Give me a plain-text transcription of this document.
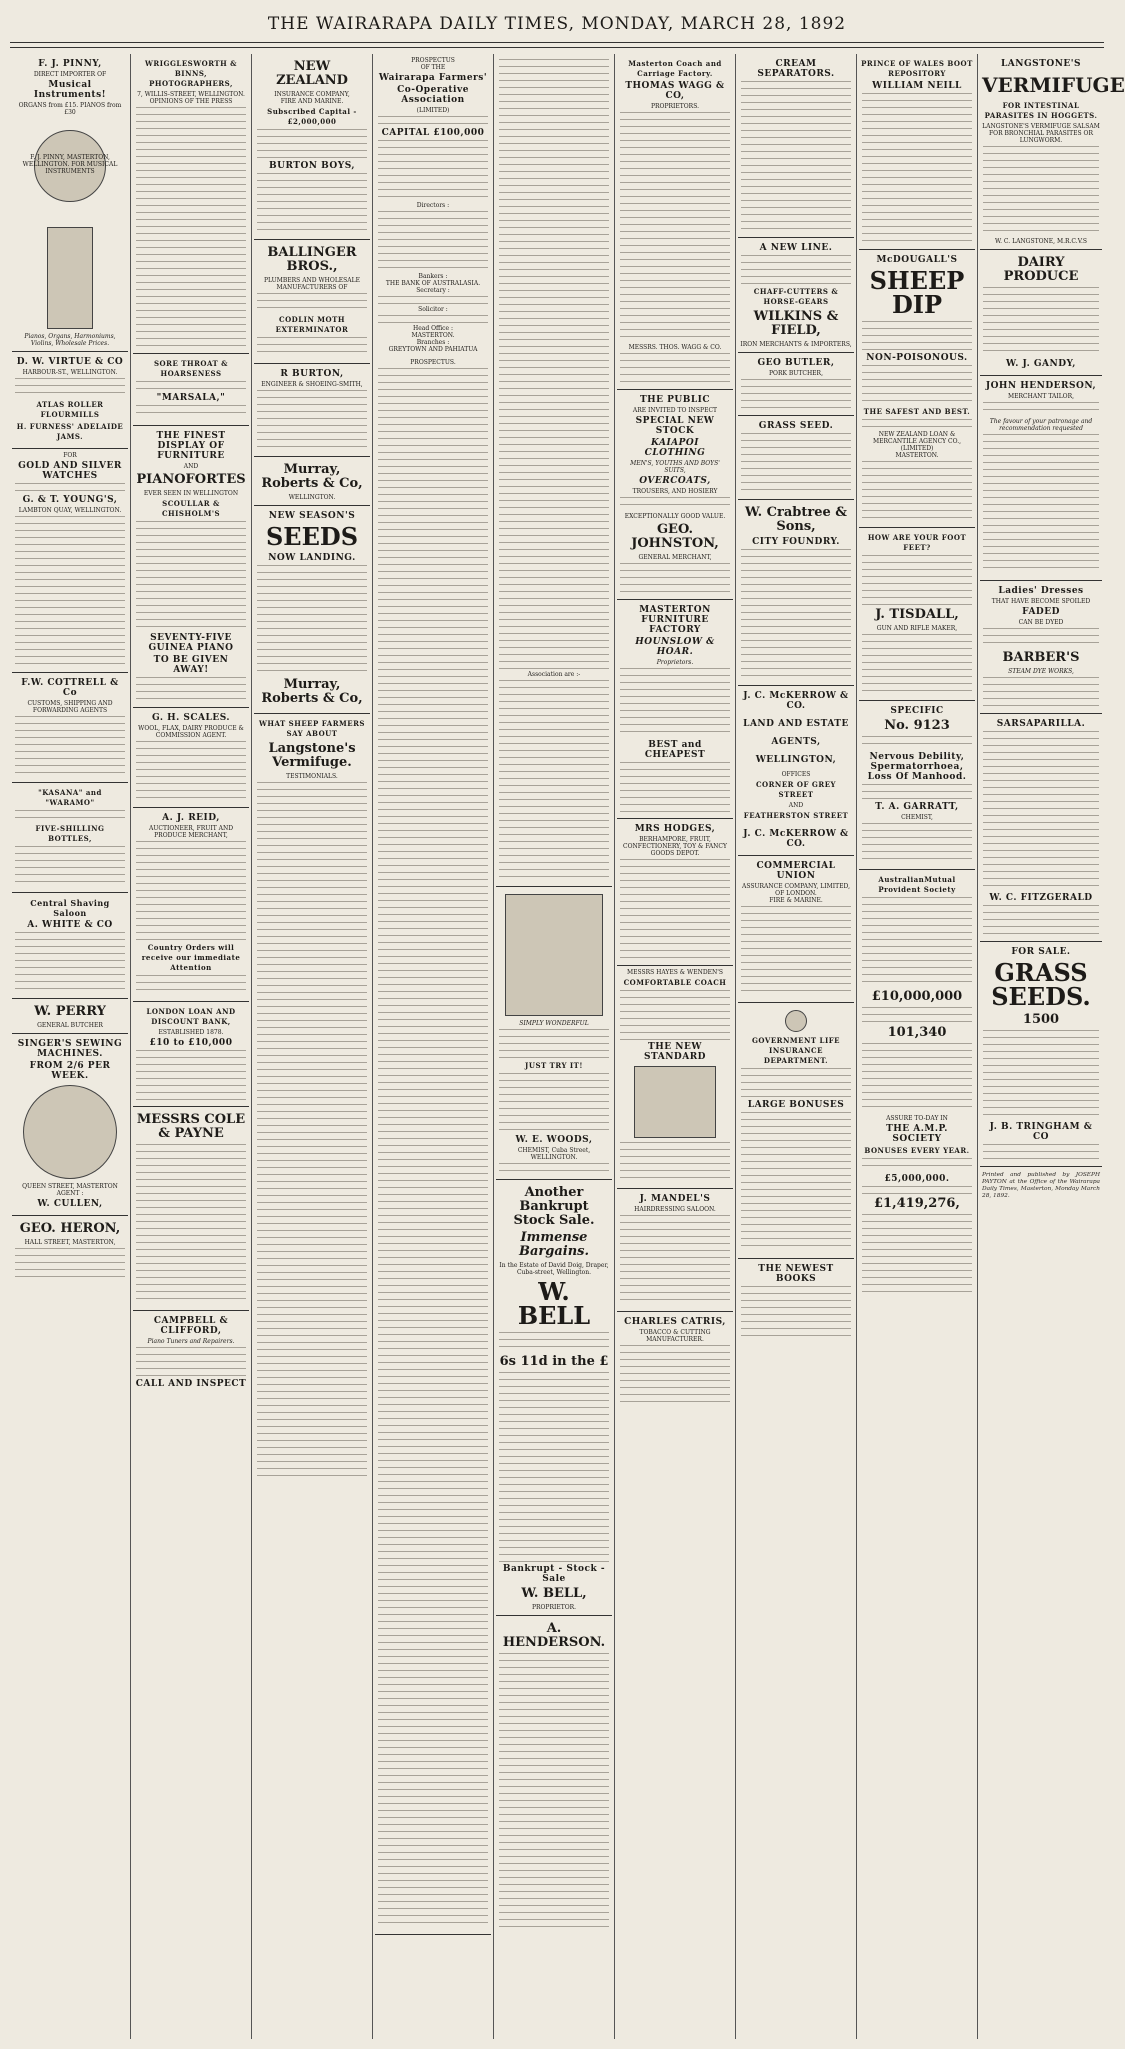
THE WAIRARAPA DAILY TIMES, MONDAY, MARCH 28, 1892
F. J. PINNY,
DIRECT IMPORTER OF
Musical Instruments!
ORGANS from £15. PIANOS from £30
F. J. PINNY, MASTERTON, WELLINGTON. FOR MUSICAL INSTRUMENTS
Pianos, Organs, Harmoniums, Violins, Wholesale Prices.
D. W. VIRTUE & CO
HARBOUR-ST., WELLINGTON.
ATLAS ROLLER FLOURMILLS
H. FURNESS' ADELAIDE JAMS.
FOR
GOLD AND SILVER WATCHES
G. & T. YOUNG'S,
LAMBTON QUAY, WELLINGTON.
F.W. COTTRELL & Co
CUSTOMS, SHIPPING AND FORWARDING AGENTS
"KASANA" and "WARAMO"
FIVE-SHILLING BOTTLES,
Central Shaving Saloon
A. WHITE & CO
W. PERRY
GENERAL BUTCHER
SINGER'S SEWING MACHINES.
FROM 2/6 PER WEEK.
QUEEN STREET, MASTERTON
AGENT :
W. CULLEN,
GEO. HERON,
HALL STREET, MASTERTON,
WRIGGLESWORTH & BINNS, PHOTOGRAPHERS,
7, WILLIS-STREET, WELLINGTON.
OPINIONS OF THE PRESS
SORE THROAT & HOARSENESS
"MARSALA,"
THE FINEST DISPLAY OF FURNITURE
AND
PIANOFORTES
EVER SEEN IN WELLINGTON
SCOULLAR & CHISHOLM'S
SEVENTY-FIVE GUINEA PIANO
TO BE GIVEN AWAY!
G. H. SCALES.
WOOL, FLAX, DAIRY PRODUCE & COMMISSION AGENT.
A. J. REID,
AUCTIONEER, FRUIT AND PRODUCE MERCHANT,
Country Orders will receive our immediate Attention
LONDON LOAN AND DISCOUNT BANK,
ESTABLISHED 1878.
£10 to £10,000
MESSRS COLE & PAYNE
CAMPBELL & CLIFFORD,
Piano Tuners and Repairers.
CALL AND INSPECT
NEW ZEALAND
INSURANCE COMPANY,
FIRE AND MARINE.
Subscribed Capital -£2,000,000
BURTON BOYS,
BALLINGER BROS.,
PLUMBERS AND WHOLESALE MANUFACTURERS OF
CODLIN MOTH EXTERMINATOR
R BURTON,
ENGINEER & SHOEING-SMITH,
Murray, Roberts & Co,
WELLINGTON.
NEW SEASON'S
SEEDS
NOW LANDING.
Murray, Roberts & Co,
WHAT SHEEP FARMERS SAY ABOUT
Langstone's Vermifuge.
TESTIMONIALS.
PROSPECTUS
OF THE
Wairarapa Farmers'
Co-Operative Association
(LIMITED)
CAPITAL £100,000
Directors :
Bankers :
THE BANK OF AUSTRALASIA.
Secretary :
Solicitor :
Head Office :
MASTERTON.
Branches :
GREYTOWN AND PAHIATUA
PROSPECTUS.
Association are :-
SIMPLY WONDERFUL
JUST TRY IT!
W. E. WOODS,
CHEMIST, Cuba Street, WELLINGTON.
Another Bankrupt Stock Sale.
Immense Bargains.
In the Estate of David Doig, Draper, Cuba-street, Wellington.
W. BELL
6s 11d in the £
Bankrupt - Stock - Sale
W. BELL,
PROPRIETOR.
A. HENDERSON.
Masterton Coach and Carriage Factory.
THOMAS WAGG & CO,
PROPRIETORS.
MESSRS. THOS. WAGG & CO.
THE PUBLIC
ARE INVITED TO INSPECT
SPECIAL NEW STOCK
KAIAPOI CLOTHING
MEN'S, YOUTHS AND BOYS' SUITS,
OVERCOATS,
TROUSERS, AND HOSIERY
EXCEPTIONALLY GOOD VALUE.
GEO. JOHNSTON,
GENERAL MERCHANT,
MASTERTON FURNITURE FACTORY
HOUNSLOW & HOAR.
Proprietors.
BEST and CHEAPEST
MRS HODGES,
BERHAMPORE, FRUIT, CONFECTIONERY, TOY & FANCY GOODS DEPOT.
MESSRS HAYES & WENDEN'S
COMFORTABLE COACH
THE NEW STANDARD
J. MANDEL'S
HAIRDRESSING SALOON.
CHARLES CATRIS,
TOBACCO & CUTTING MANUFACTURER.
CREAM SEPARATORS.
A NEW LINE.
CHAFF-CUTTERS & HORSE-GEARS
WILKINS & FIELD,
IRON MERCHANTS & IMPORTERS,
GEO BUTLER,
PORK BUTCHER,
GRASS SEED.
W. Crabtree & Sons,
CITY FOUNDRY.
J. C. McKERROW & CO.
LAND AND ESTATE
AGENTS,
WELLINGTON,
OFFICES
CORNER OF GREY STREET
AND
FEATHERSTON STREET
J. C. McKERROW & CO.
COMMERCIAL UNION
ASSURANCE COMPANY, LIMITED, OF LONDON.
FIRE & MARINE.
GOVERNMENT LIFE INSURANCE DEPARTMENT.
LARGE BONUSES
THE NEWEST BOOKS
PRINCE OF WALES BOOT REPOSITORY
WILLIAM NEILL
McDOUGALL'S
SHEEP DIP
NON-POISONOUS.
THE SAFEST AND BEST.
NEW ZEALAND LOAN & MERCANTILE AGENCY CO., (LIMITED)
MASTERTON.
HOW ARE YOUR FOOT FEET?
J. TISDALL,
GUN AND RIFLE MAKER,
SPECIFIC
No. 9123
Nervous Debility, Spermatorrhoea, Loss Of Manhood.
T. A. GARRATT,
CHEMIST,
AustralianMutual Provident Society
£10,000,000
101,340
ASSURE TO-DAY IN
THE A.M.P. SOCIETY
BONUSES EVERY YEAR.
£5,000,000.
£1,419,276,
LANGSTONE'S
VERMIFUGE
FOR INTESTINAL PARASITES IN HOGGETS.
LANGSTONE'S VERMIFUGE SALSAM FOR BRONCHIAL PARASITES OR LUNGWORM.
W. C. LANGSTONE, M.R.C.V.S
DAIRY PRODUCE
W. J. GANDY,
JOHN HENDERSON,
MERCHANT TAILOR,
The favour of your patronage and recommendation requested
Ladies' Dresses
THAT HAVE BECOME SPOILED
FADED
CAN BE DYED
BARBER'S
STEAM DYE WORKS,
SARSAPARILLA.
W. C. FITZGERALD
FOR SALE.
GRASS SEEDS.
1500
J. B. TRINGHAM & CO
Printed and published by JOSEPH PAYTON at the Office of the Wairarapa Daily Times, Masterton, Monday March 28, 1892.
